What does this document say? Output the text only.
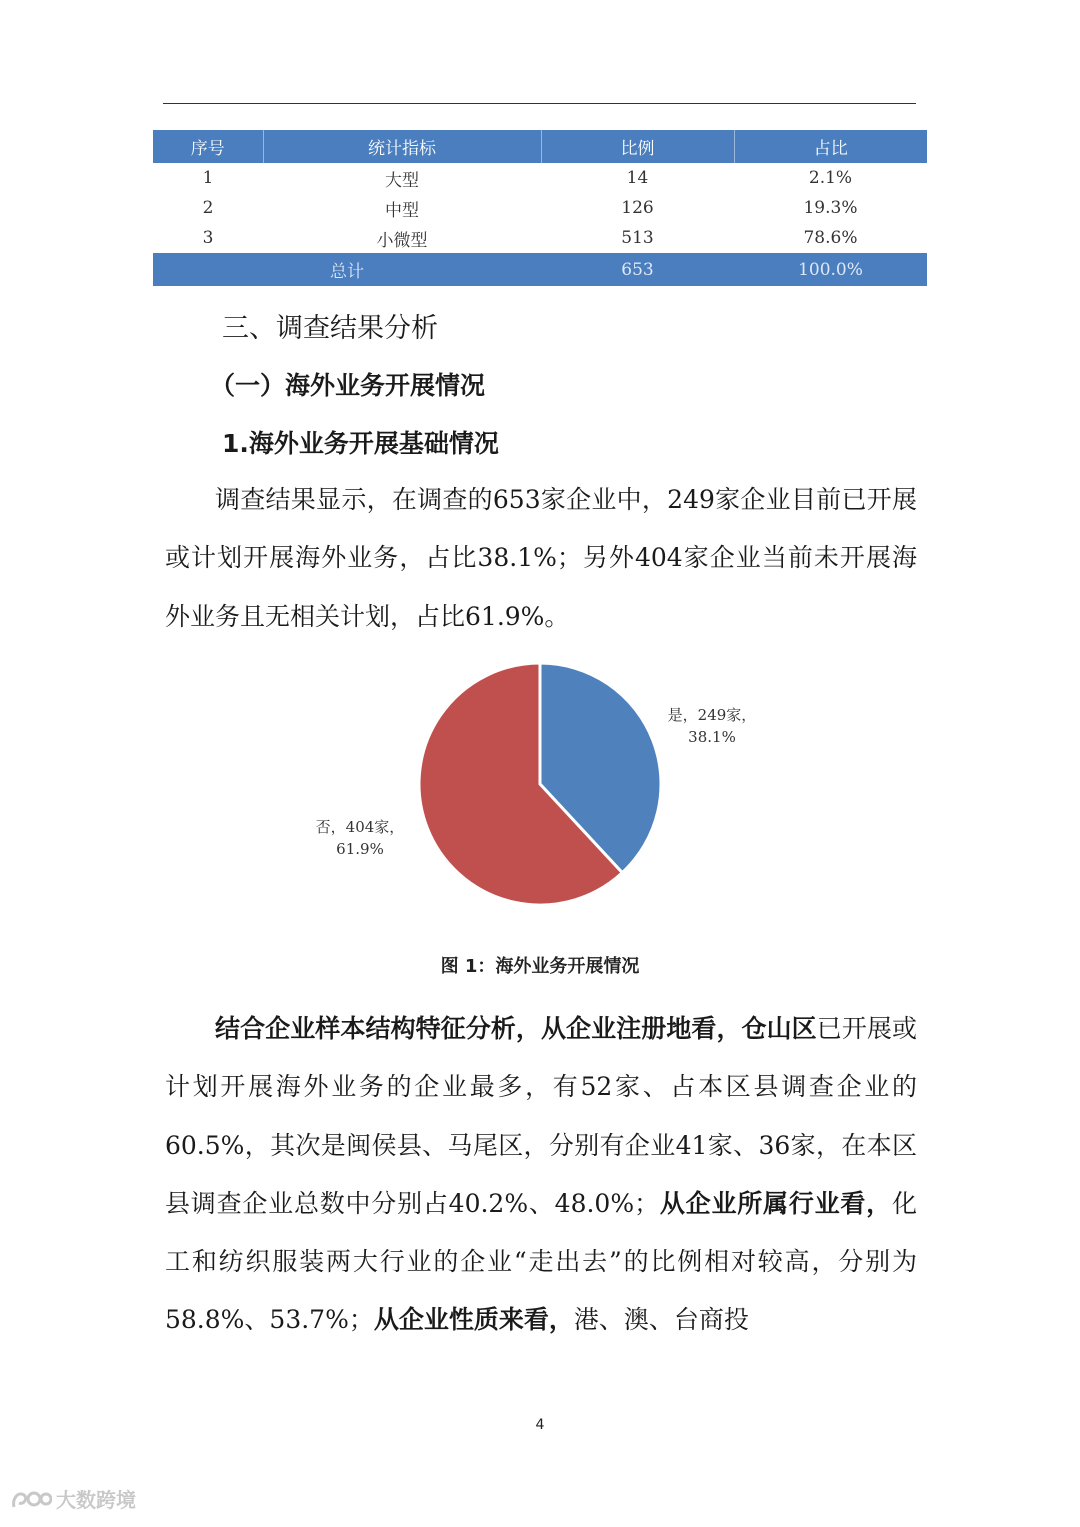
序号	统计指标	比例	占比
1	大型	14	2.1%
2	中型	126	19.3%
3	小微型	513	78.6%
总计		653	100.0%
三、调查结果分析
（一）海外业务开展情况
1.海外业务开展基础情况

调查结果显示，在调查的653家企业中，249家企业目前已开展或计划开展海外业务，占比38.1%；另外404家企业当前未开展海外业务且无相关计划，占比61.9%。

是，249家， 38.1%
否，404家， 61.9%
图 1：海外业务开展情况

结合企业样本结构特征分析，从企业注册地看，仓山区已开展或计划开展海外业务的企业最多，有52家、占本区县调查企业的60.5%，其次是闽侯县、马尾区，分别有企业41家、36家，在本区县调查企业总数中分别占40.2%、48.0%；从企业所属行业看，化工和纺织服装两大行业的企业“走出去”的比例相对较高，分别为58.8%、53.7%；从企业性质来看，港、澳、台商投

4
大数跨境
